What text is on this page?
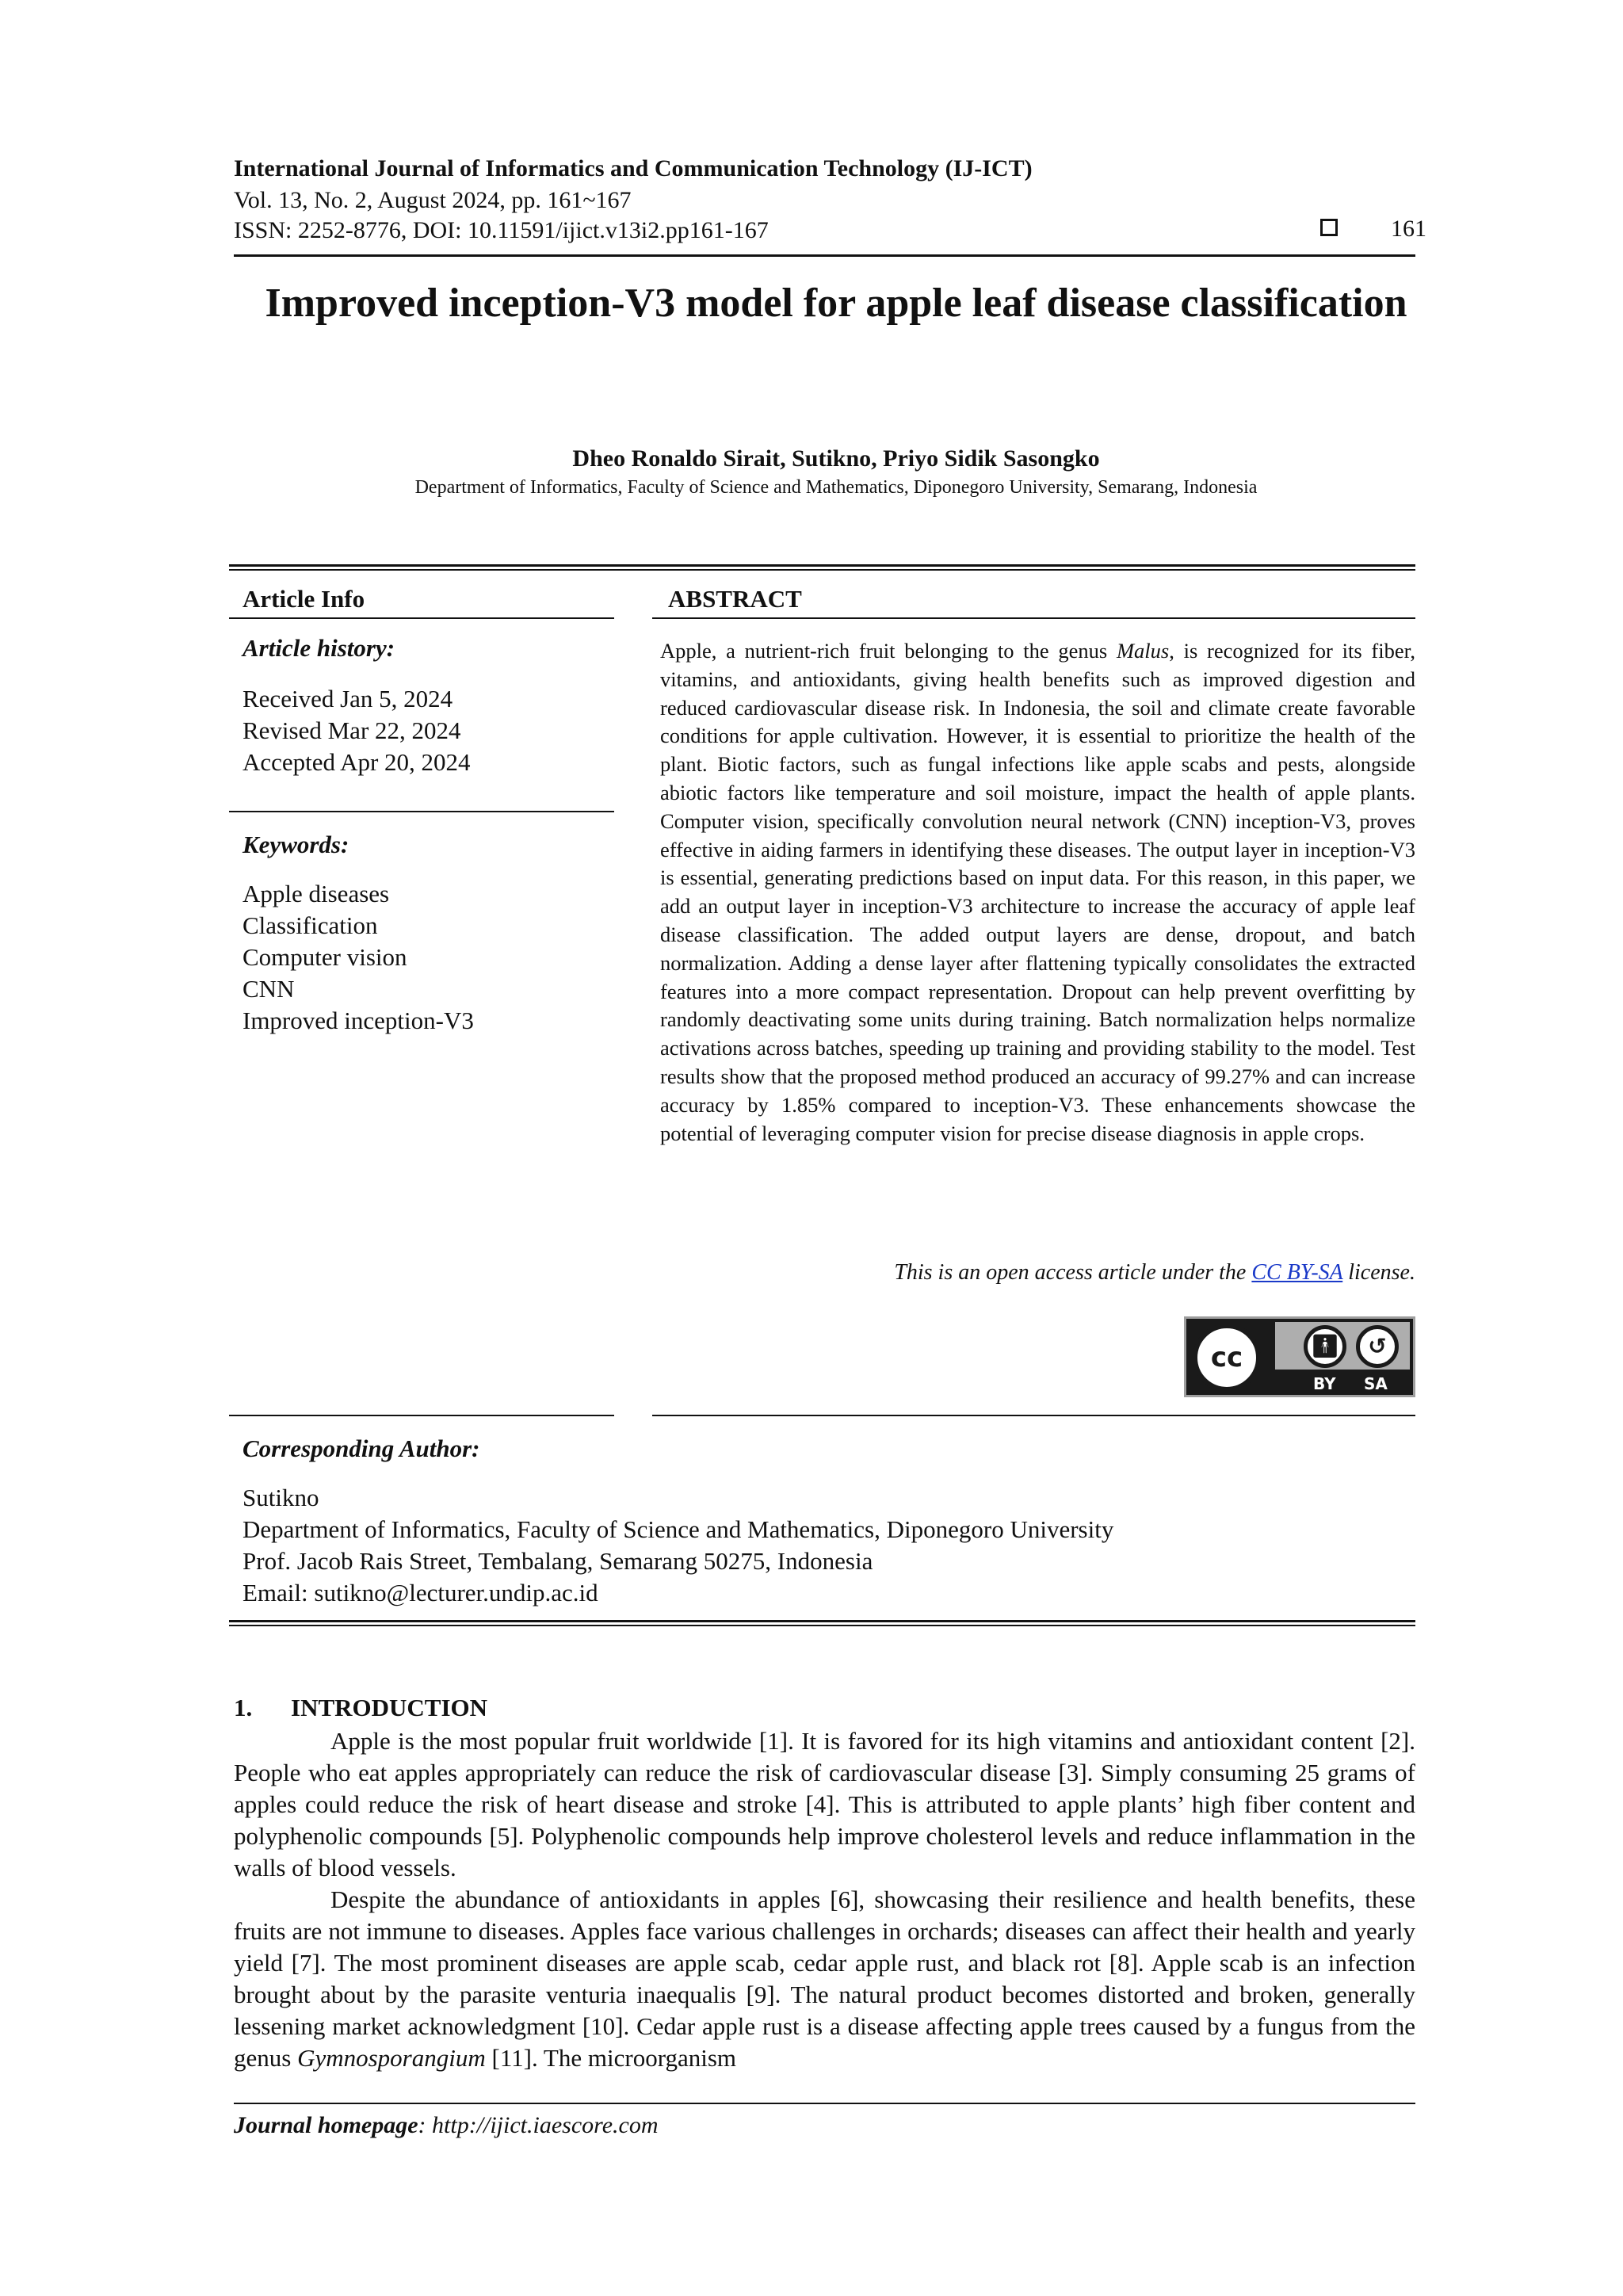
International Journal of Informatics and Communication Technology (IJ-ICT)
Vol. 13, No. 2, August 2024, pp. 161~167
ISSN: 2252-8776, DOI: 10.11591/ijict.v13i2.pp161-167	161
Improved inception-V3 model for apple leaf disease classification
Dheo Ronaldo Sirait, Sutikno, Priyo Sidik Sasongko
Department of Informatics, Faculty of Science and Mathematics, Diponegoro University, Semarang, Indonesia
Article Info
Article history:
Received Jan 5, 2024
Revised Mar 22, 2024
Accepted Apr 20, 2024
Keywords:
Apple diseases
Classification
Computer vision
CNN
Improved inception-V3
ABSTRACT
Apple, a nutrient-rich fruit belonging to the genus Malus, is recognized for its fiber, vitamins, and antioxidants, giving health benefits such as improved digestion and reduced cardiovascular disease risk. In Indonesia, the soil and climate create favorable conditions for apple cultivation. However, it is essential to prioritize the health of the plant. Biotic factors, such as fungal infections like apple scabs and pests, alongside abiotic factors like temperature and soil moisture, impact the health of apple plants. Computer vision, specifically convolution neural network (CNN) inception-V3, proves effective in aiding farmers in identifying these diseases. The output layer in inception-V3 is essential, generating predictions based on input data. For this reason, in this paper, we add an output layer in inception-V3 architecture to increase the accuracy of apple leaf disease classification. The added output layers are dense, dropout, and batch normalization. Adding a dense layer after flattening typically consolidates the extracted features into a more compact representation. Dropout can help prevent overfitting by randomly deactivating some units during training. Batch normalization helps normalize activations across batches, speeding up training and providing stability to the model. Test results show that the proposed method produced an accuracy of 99.27% and can increase accuracy by 1.85% compared to inception-V3. These enhancements showcase the potential of leveraging computer vision for precise disease diagnosis in apple crops.
This is an open access article under the CC BY-SA license.
cc	🚹︎	↺
BY SA
Corresponding Author:
Sutikno
Department of Informatics, Faculty of Science and Mathematics, Diponegoro University
Prof. Jacob Rais Street, Tembalang, Semarang 50275, Indonesia
Email: sutikno@lecturer.undip.ac.id
1. INTRODUCTION

Apple is the most popular fruit worldwide [1]. It is favored for its high vitamins and antioxidant content [2]. People who eat apples appropriately can reduce the risk of cardiovascular disease [3]. Simply consuming 25 grams of apples could reduce the risk of heart disease and stroke [4]. This is attributed to apple plants’ high fiber content and polyphenolic compounds [5]. Polyphenolic compounds help improve cholesterol levels and reduce inflammation in the walls of blood vessels.

Despite the abundance of antioxidants in apples [6], showcasing their resilience and health benefits, these fruits are not immune to diseases. Apples face various challenges in orchards; diseases can affect their health and yearly yield [7]. The most prominent diseases are apple scab, cedar apple rust, and black rot [8]. Apple scab is an infection brought about by the parasite venturia inaequalis [9]. The natural product becomes distorted and broken, generally lessening market acknowledgment [10]. Cedar apple rust is a disease affecting apple trees caused by a fungus from the genus Gymnosporangium [11]. The microorganism

Journal homepage: http://ijict.iaescore.com
